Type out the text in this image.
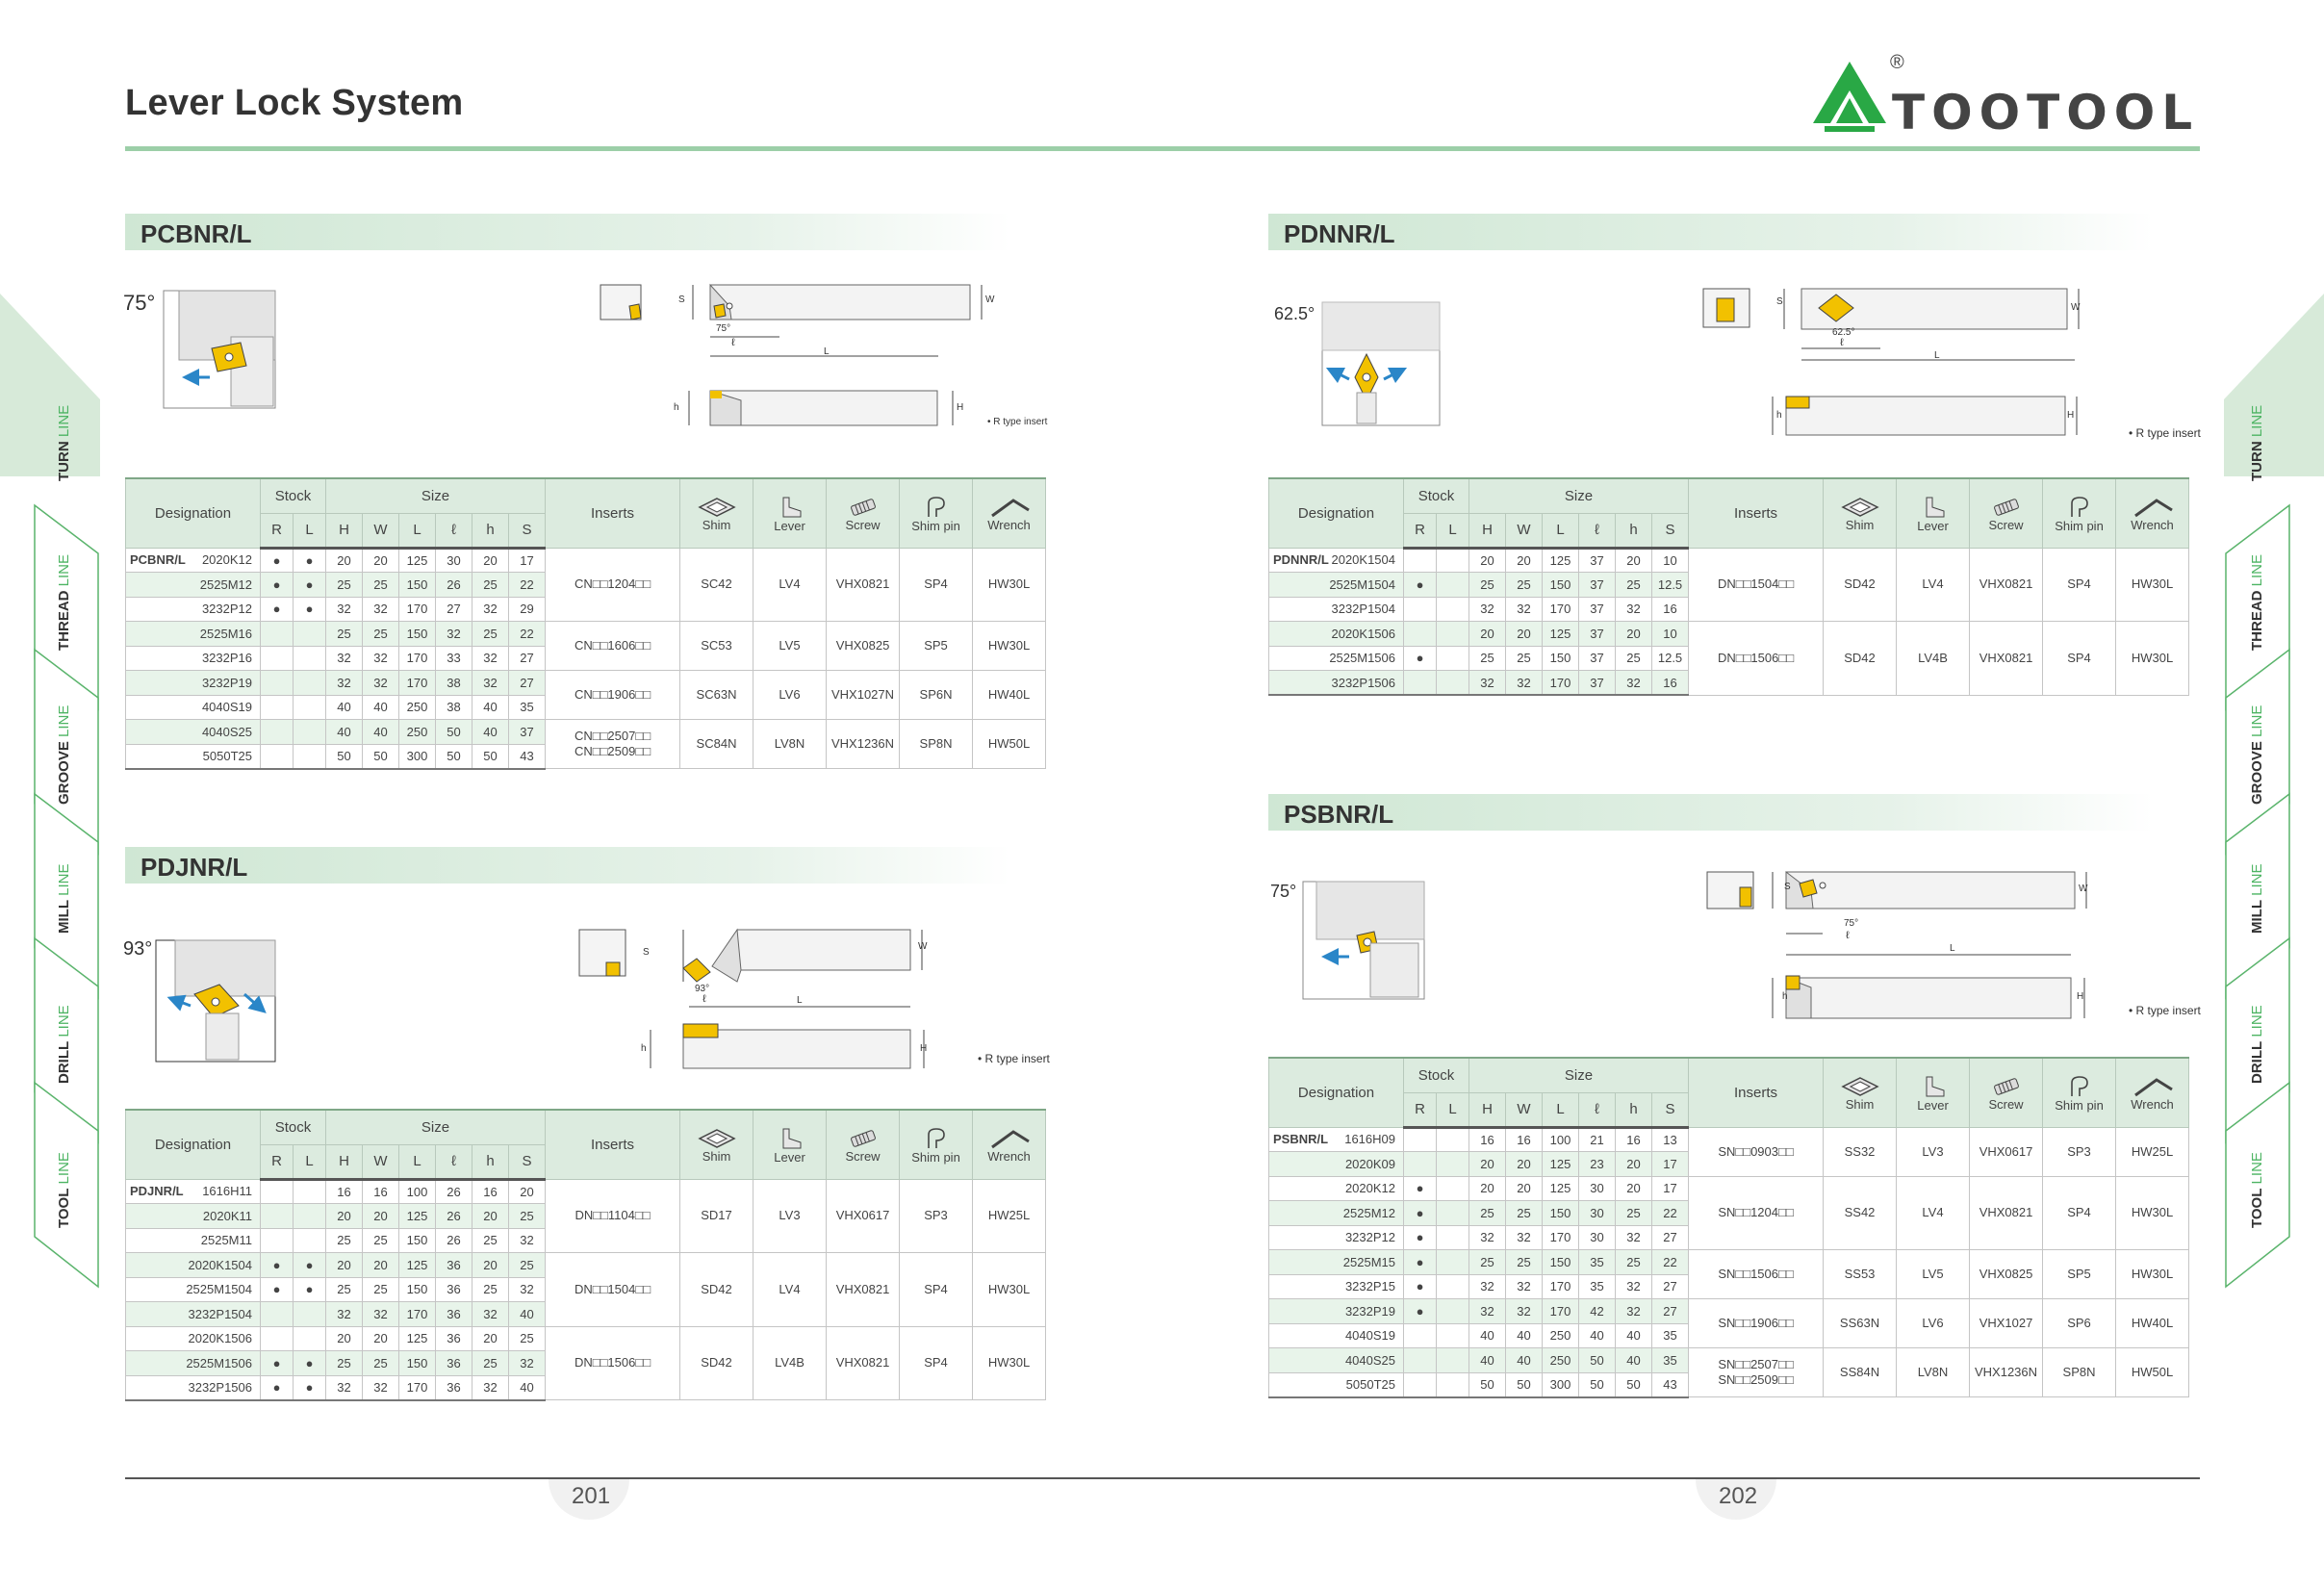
Lever Lock System
®
TOOTOOL
TURN LINE
THREAD LINE
GROOVE LINE
MILL LINE
DRILL LINE
TOOL LINE
TURN LINE
THREAD LINE
GROOVE LINE
MILL LINE
DRILL LINE
TOOL LINE
PCBNR/L
PDJNR/L
PDNNR/L
PSBNR/L
75°	S	W
75°
ℓ
L
h	H
• R type insert
93°	S
W
93°
ℓ	L
h	H
• R type insert
62.5°
S
W
62.5°
ℓ
L
h	H
• R type insert
75°	S	W
75°
ℓ
L
h	H
• R type insert
Designation	Stock		Size						Inserts	Shim	Lever	Screw	Shim pin	Wrench

	R	L	H	W	L	ℓ	h	S						

PCBNR/L 2020K12	●	●	20	20	125	30	20	17	CN□□1204□□	SC42	LV4	VHX0821	SP4	HW30L
2525M12	●	●	25	25	150	26	25	22						
3232P12	●	●	32	32	170	27	32	29						
2525M16			25	25	150	32	25	22	CN□□1606□□	SC53	LV5	VHX0825	SP5	HW30L
3232P16			32	32	170	33	32	27						
3232P19			32	32	170	38	32	27	CN□□1906□□	SC63N	LV6	VHX1027N	SP6N	HW40L
4040S19			40	40	250	38	40	35						
4040S25			40	40	250	50	40	37	CN□□2507□□
CN□□2509□□	SC84N	LV8N	VHX1236N	SP8N	HW50L
5050T25			50	50	300	50	50	43						
Designation	Stock		Size						Inserts	Shim	Lever	Screw	Shim pin	Wrench

	R	L	H	W	L	ℓ	h	S						

PDJNR/L 1616H11			16	16	100	26	16	20	DN□□1104□□	SD17	LV3	VHX0617	SP3	HW25L
2020K11			20	20	125	26	20	25						
2525M11			25	25	150	26	25	32						
2020K1504	●	●	20	20	125	36	20	25	DN□□1504□□	SD42	LV4	VHX0821	SP4	HW30L
2525M1504	●	●	25	25	150	36	25	32						
3232P1504			32	32	170	36	32	40						
2020K1506			20	20	125	36	20	25	DN□□1506□□	SD42	LV4B	VHX0821	SP4	HW30L
2525M1506	●	●	25	25	150	36	25	32						
3232P1506	●	●	32	32	170	36	32	40						
Designation	Stock		Size						Inserts	Shim	Lever	Screw	Shim pin	Wrench

	R	L	H	W	L	ℓ	h	S						

PDNNR/L 2020K1504			20	20	125	37	20	10	DN□□1504□□	SD42	LV4	VHX0821	SP4	HW30L
2525M1504	●		25	25	150	37	25	12.5						
3232P1504			32	32	170	37	32	16						
2020K1506			20	20	125	37	20	10	DN□□1506□□	SD42	LV4B	VHX0821	SP4	HW30L
2525M1506	●		25	25	150	37	25	12.5						
3232P1506			32	32	170	37	32	16						
Designation	Stock		Size						Inserts	Shim	Lever	Screw	Shim pin	Wrench

	R	L	H	W	L	ℓ	h	S						

PSBNR/L 1616H09			16	16	100	21	16	13	SN□□0903□□	SS32	LV3	VHX0617	SP3	HW25L
2020K09			20	20	125	23	20	17						
2020K12	●		20	20	125	30	20	17	SN□□1204□□	SS42	LV4	VHX0821	SP4	HW30L
2525M12	●		25	25	150	30	25	22						
3232P12	●		32	32	170	30	32	27						
2525M15	●		25	25	150	35	25	22	SN□□1506□□	SS53	LV5	VHX0825	SP5	HW30L
3232P15	●		32	32	170	35	32	27						
3232P19	●		32	32	170	42	32	27	SN□□1906□□	SS63N	LV6	VHX1027	SP6	HW40L
4040S19			40	40	250	40	40	35						
4040S25			40	40	250	50	40	35	SN□□2507□□
SN□□2509□□	SS84N	LV8N	VHX1236N	SP8N	HW50L
5050T25			50	50	300	50	50	43						
201	202
